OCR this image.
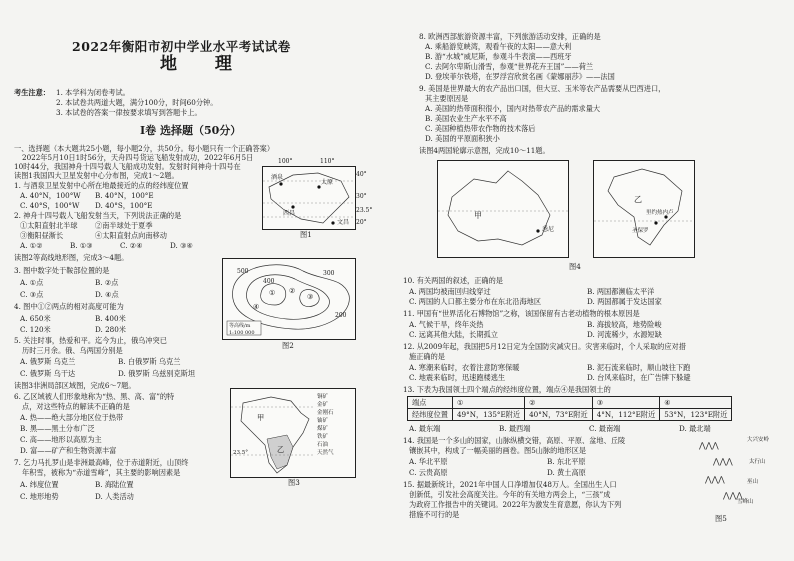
2022年衡阳市初中学业水平考试试卷
地 理
考生注意： 1. 本学科为闭卷考试。
2. 本试卷共两道大题，满分100分，时间60分钟。
3. 本试卷的答案一律按要求填写到答题卡上。
Ⅰ卷 选择题（50分）
一、选择题（本大题共25小题，每小题2分，共50分。每小题只有一个正确答案）
2022年5月10日1时56分，天舟四号货运飞船发射成功，2022年6月5日
10时44分，我国神舟十四号载人飞船成功发射。发射时间神舟十四号在
读图1我国四大卫星发射中心分布图，完成1～2题。
1. 与酒泉卫星发射中心所在地最接近的点的经纬度位置
A. 40°N，100°W B. 40°N，100°E
C. 40°S，100°W D. 40°S，100°E
2. 神舟十四号载人飞船发射当天，下列说法正确的是
①太阳直射北半球 ②南半球处于夏季
③衡阳昼渐长	④太阳直射点向南移动
A. ①②	B. ①③	C. ②④	D. ③④
读图2等高线地形图，完成3～4题。
3. 图中数字处于鞍部位置的是
A. ①点	B. ②点
C. ③点	D. ④点
4. 图中①②两点的相对高度可能为
A. 650米	B. 400米
C. 120米	D. 280米
5. 关注时事，热爱和平。迄今为止，俄乌冲突已
历时三月余。俄、乌两国分别是
A. 俄罗斯 乌克兰	B. 白俄罗斯 乌克兰
C. 俄罗斯 乌干达	D. 俄罗斯 乌兹别克斯坦
读图3非洲局部区域图，完成6～7题。
6. 乙区域被人们形象地称为“热、黑、高、富”的特
点，对这些特点的解读不正确的是
A. 热——绝大部分地区位于热带
B. 黑——黑土分布广泛
C. 高——地形以高原为主
D. 富——矿产和生物资源丰富
7. 乞力马扎罗山是非洲最高峰，位于赤道附近，山顶终
年积雪，被称为“赤道雪峰”，其主要的影响因素是
A. 纬度位置	B. 海陆位置
C. 地形地势	D. 人类活动
酒泉
太原
西昌
文昌
40°
30°
23.5°
20°
100°	110°
图1
500
400
300
200
① ②
③
④
等高线/m
1:100 000
图2
甲
乙
铜矿
金矿
金刚石
铀矿
煤矿
铁矿
石油
天然气
23.5°
图3
8. 欧洲西部旅游资源丰富，下列旅游活动安排，正确的是
A. 乘船游览峡湾，观看午夜的太阳——意大利
B. 游“水城”威尼斯，参观斗牛表演——西班牙
C. 去阿尔卑斯山滑雪，参观“世界花卉王国”——荷兰
D. 登埃菲尔铁塔，在罗浮宫欣赏名画《蒙娜丽莎》——法国
9. 美国是世界最大的农产品出口国，但大豆、玉米等农产品需要从巴西进口，
其主要原因是
A. 美国的热带面积很小，国内对热带农产品的需求量大
B. 美国农业生产水平不高
C. 美国种植热带农作物的技术落后
D. 美国的平原面积狭小
读图4两国轮廓示意图，完成10～11题。
甲
悉尼
乙
圣保罗
里约热内卢
图4
10. 有关两国的叙述，正确的是
A. 两国均被南回归线穿过	B. 两国都濒临太平洋
C. 两国的人口都主要分布在东北沿海地区	D. 两国都属于发达国家
11. 甲国有“世界活化石博物馆”之称，该国保留有古老动植物的根本原因是
A. 气候干旱，终年炎热	B. 海拔较高，地势险峻
C. 远离其他大陆，长期孤立	D. 河流稀少，水源短缺
12. 从2009年起，我国把5月12日定为全国防灾减灾日。灾害来临时，个人采取的应对措
施正确的是
A. 寒潮来临时，衣着注意防寒保暖	B. 泥石流来临时，顺山坡往下跑
C. 地震来临时，迅速跑楼逃生	D. 台风来临时，在广告牌下躲避
13. 下表为我国领土四个端点的经纬度位置，端点④是我国领土的
端点	①	②	③	④
经纬度位置	49°N，135°E附近	40°N，73°E附近	4°N，112°E附近	53°N，123°E附近
A. 最东端	B. 最西端	C. 最南端	D. 最北端
14. 我国是一个多山的国家，山脉纵横交错，高原、平原、盆地、丘陵
镶嵌其中，构成了一幅美丽的画卷。图5山脉的地形区是
A. 华北平原	B. 东北平原
C. 云贵高原	D. 黄土高原
15. 据最新统计，2021年中国人口净增加仅48万人。全国出生人口
创新低，引发社会高度关注。今年的有关地方两会上，“三孩”成
为政府工作报告中的关键词。2022年为激发生育意愿，你认为下列
措施不可行的是
⋀⋀⋀
⋀⋀⋀
⋀⋀⋀
⋀⋀⋀
大兴安岭
太行山
巫山
雪峰山
图5
